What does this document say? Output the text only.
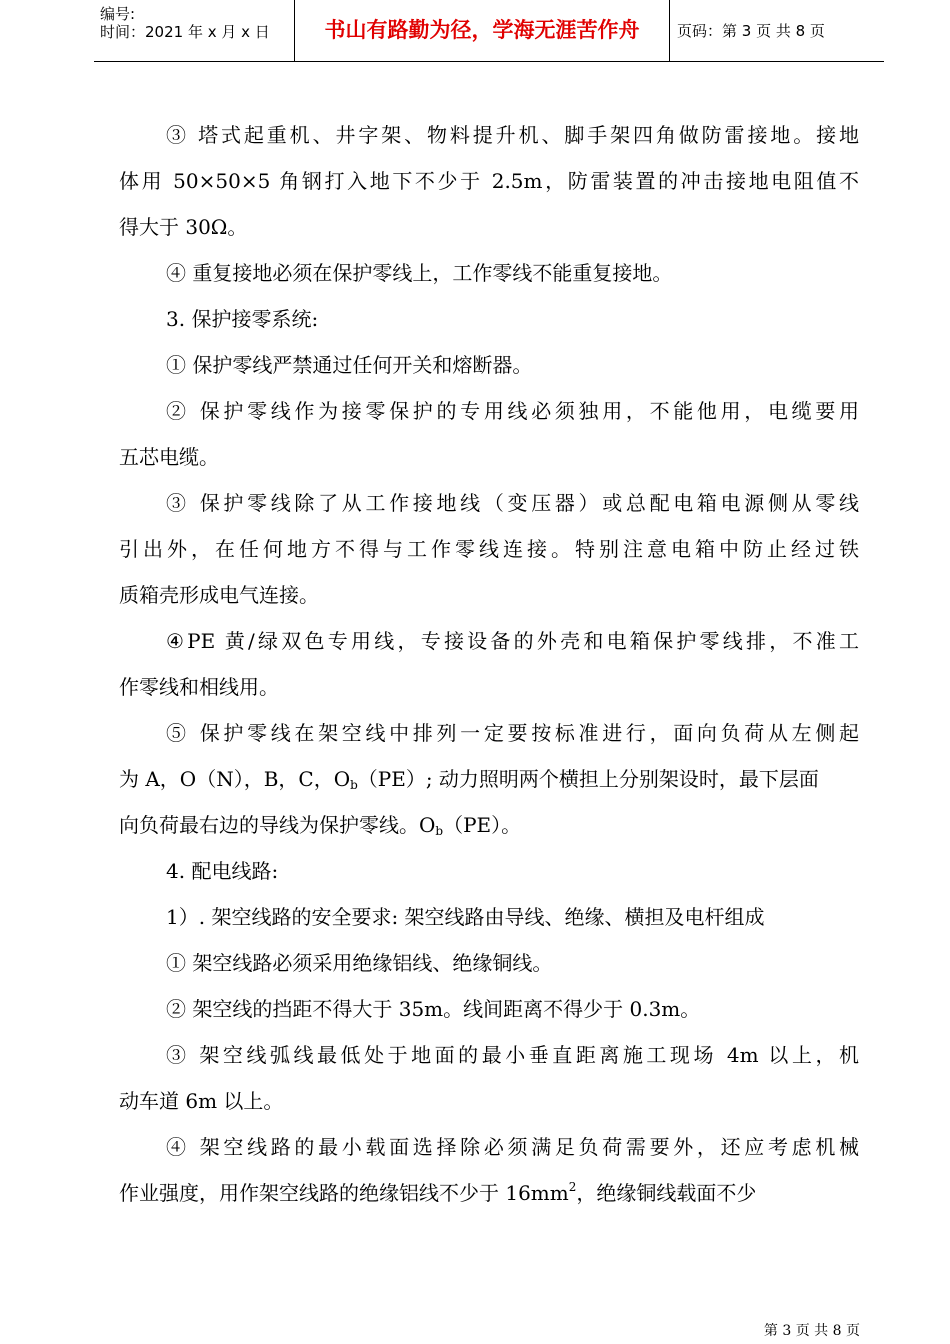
编号:
时间：2021 年 x 月 x 日	书山有路勤为径，学海无涯苦作舟	页码：第 3 页 共 8 页
③ 塔式起重机、井字架、物料提升机、脚手架四角做防雷接地。接地
体用 50×50×5 角钢打入地下不少于 2.5m，防雷装置的冲击接地电阻值不
得大于 30Ω。
④ 重复接地必须在保护零线上，工作零线不能重复接地。
3. 保护接零系统:
① 保护零线严禁通过任何开关和熔断器。
② 保护零线作为接零保护的专用线必须独用，不能他用，电缆要用
五芯电缆。
③ 保护零线除了从工作接地线（变压器）或总配电箱电源侧从零线
引出外，在任何地方不得与工作零线连接。特别注意电箱中防止经过铁
质箱壳形成电气连接。
④PE 黄/绿双色专用线，专接设备的外壳和电箱保护零线排，不准工
作零线和相线用。
⑤ 保护零线在架空线中排列一定要按标准进行，面向负荷从左侧起
为 A，O（N），B，C，$O_b(PE)$; 动力照明两个横担上分别架设时，最下层面
向负荷最右边的导线为保护零线。$O_b(PE)$。
4. 配电线路:
1）. 架空线路的安全要求: 架空线路由导线、绝缘、横担及电杆组成
① 架空线路必须采用绝缘铝线、绝缘铜线。
② 架空线的挡距不得大于 35m。线间距离不得少于 0.3m。
③ 架空线弧线最低处于地面的最小垂直距离施工现场 4m 以上，机
动车道 6m 以上。
④ 架空线路的最小载面选择除必须满足负荷需要外，还应考虑机械
作业强度，用作架空线路的绝缘铝线不少于 $16mm^2$，绝缘铜线载面不少
第 3 页 共 8 页
